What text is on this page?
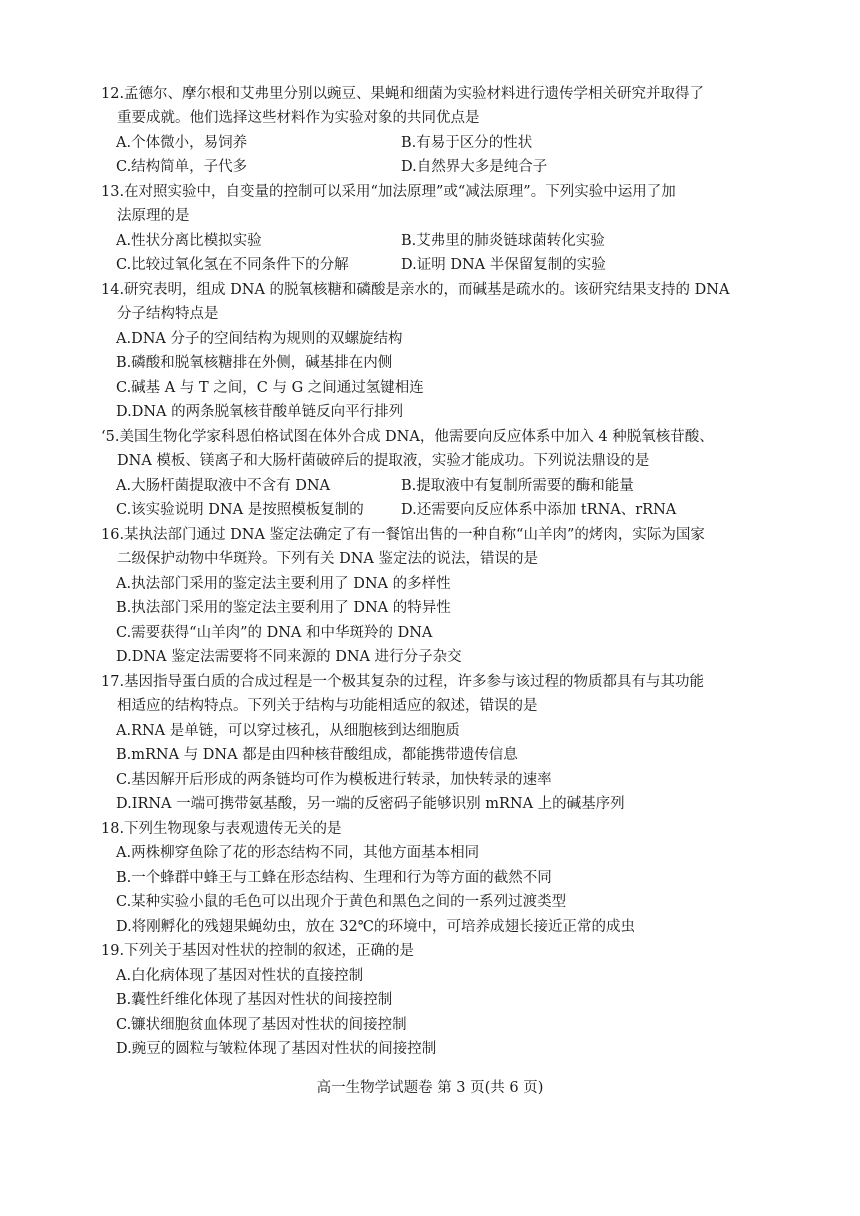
12.孟德尔、摩尔根和艾弗里分别以豌豆、果蝇和细菌为实验材料进行遗传学相关研究并取得了
重要成就。他们选择这些材料作为实验对象的共同优点是
A.个体微小，易饲养	B.有易于区分的性状
C.结构简单，子代多	D.自然界大多是纯合子
13.在对照实验中，自变量的控制可以采用“加法原理”或“减法原理”。下列实验中运用了加
法原理的是
A.性状分离比模拟实验	B.艾弗里的肺炎链球菌转化实验
C.比较过氧化氢在不同条件下的分解	D.证明 DNA 半保留复制的实验
14.研究表明，组成 DNA 的脱氧核糖和磷酸是亲水的，而碱基是疏水的。该研究结果支持的 DNA
分子结构特点是
A.DNA 分子的空间结构为规则的双螺旋结构
B.磷酸和脱氧核糖排在外侧，碱基排在内侧
C.碱基 A 与 T 之间，C 与 G 之间通过氢键相连
D.DNA 的两条脱氧核苷酸单链反向平行排列
‘5.美国生物化学家科恩伯格试图在体外合成 DNA，他需要向反应体系中加入 4 种脱氧核苷酸、
DNA 模板、镁离子和大肠杆菌破碎后的提取液，实验才能成功。下列说法鼎设的是
A.大肠杆菌提取液中不含有 DNA	B.提取液中有复制所需要的酶和能量
C.该实验说明 DNA 是按照模板复制的	D.还需要向反应体系中添加 tRNA、rRNA
16.某执法部门通过 DNA 鉴定法确定了有一餐馆出售的一种自称“山羊肉”的烤肉，实际为国家
二级保护动物中华斑羚。下列有关 DNA 鉴定法的说法，错误的是
A.执法部门采用的鉴定法主要利用了 DNA 的多样性
B.执法部门采用的鉴定法主要利用了 DNA 的特异性
C.需要获得“山羊肉”的 DNA 和中华斑羚的 DNA
D.DNA 鉴定法需要将不同来源的 DNA 进行分子杂交
17.基因指导蛋白质的合成过程是一个极其复杂的过程，许多参与该过程的物质都具有与其功能
相适应的结构特点。下列关于结构与功能相适应的叙述，错误的是
A.RNA 是单链，可以穿过核孔，从细胞核到达细胞质
B.mRNA 与 DNA 都是由四种核苷酸组成，都能携带遗传信息
C.基因解开后形成的两条链均可作为模板进行转录，加快转录的速率
D.IRNA 一端可携带氨基酸，另一端的反密码子能够识别 mRNA 上的碱基序列
18.下列生物现象与表观遗传无关的是
A.两株柳穿鱼除了花的形态结构不同，其他方面基本相同
B.一个蜂群中蜂王与工蜂在形态结构、生理和行为等方面的截然不同
C.某种实验小鼠的毛色可以出现介于黄色和黑色之间的一系列过渡类型
D.将刚孵化的残翅果蝇幼虫，放在 32℃的环境中，可培养成翅长接近正常的成虫
19.下列关于基因对性状的控制的叙述，正确的是
A.白化病体现了基因对性状的直接控制
B.囊性纤维化体现了基因对性状的间接控制
C.镰状细胞贫血体现了基因对性状的间接控制
D.豌豆的圆粒与皱粒体现了基因对性状的间接控制
高一生物学试题卷 第 3 页(共 6 页)
